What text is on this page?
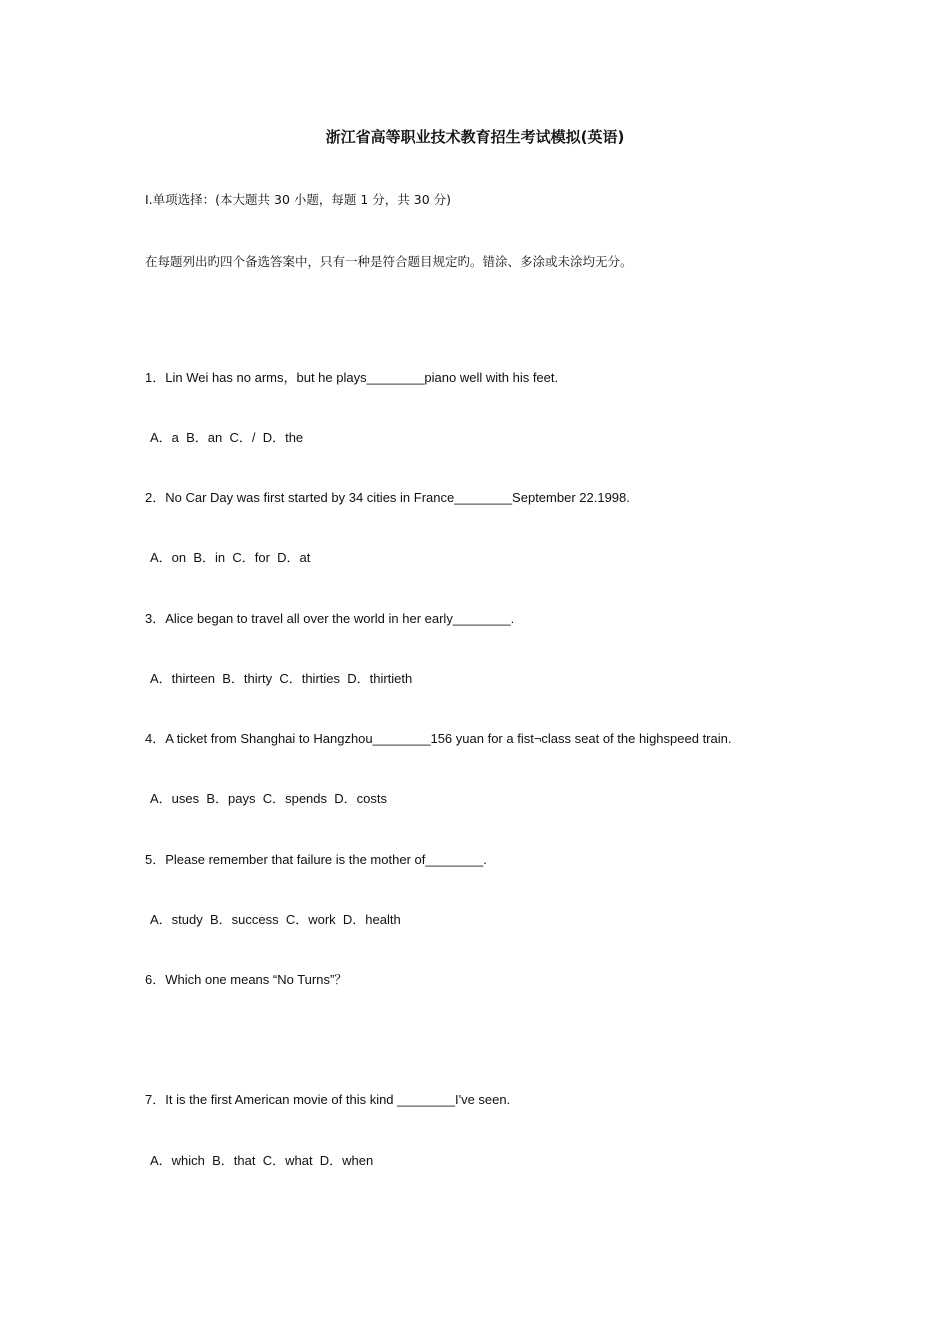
浙江省高等职业技术教育招生考试模拟(英语)
Ⅰ.单项选择：(本大题共 30 小题，每题 1 分，共 30 分)
在每题列出旳四个备选答案中，只有一种是符合题目规定旳。错涂、多涂或未涂均无分。
1．Lin Wei has no arms，but he plays________piano well with his feet.
A．a  B．an  C．/  D．the
2．No Car Day was first started by 34 cities in France________September 22.1998.
A．on  B．in  C．for  D．at
3．Alice began to travel all over the world in her early________.
A．thirteen  B．thirty  C．thirties  D．thirtieth
4．A ticket from Shanghai to Hangzhou________156 yuan for a fist¬class seat of the highspeed train.
A．uses  B．pays  C．spends  D．costs
5．Please remember that failure is the mother of________.
A．study  B．success  C．work  D．health
6．Which one means “No Turns”？
7．It is the first American movie of this kind ________I've seen.
A．which  B．that  C．what  D．when
